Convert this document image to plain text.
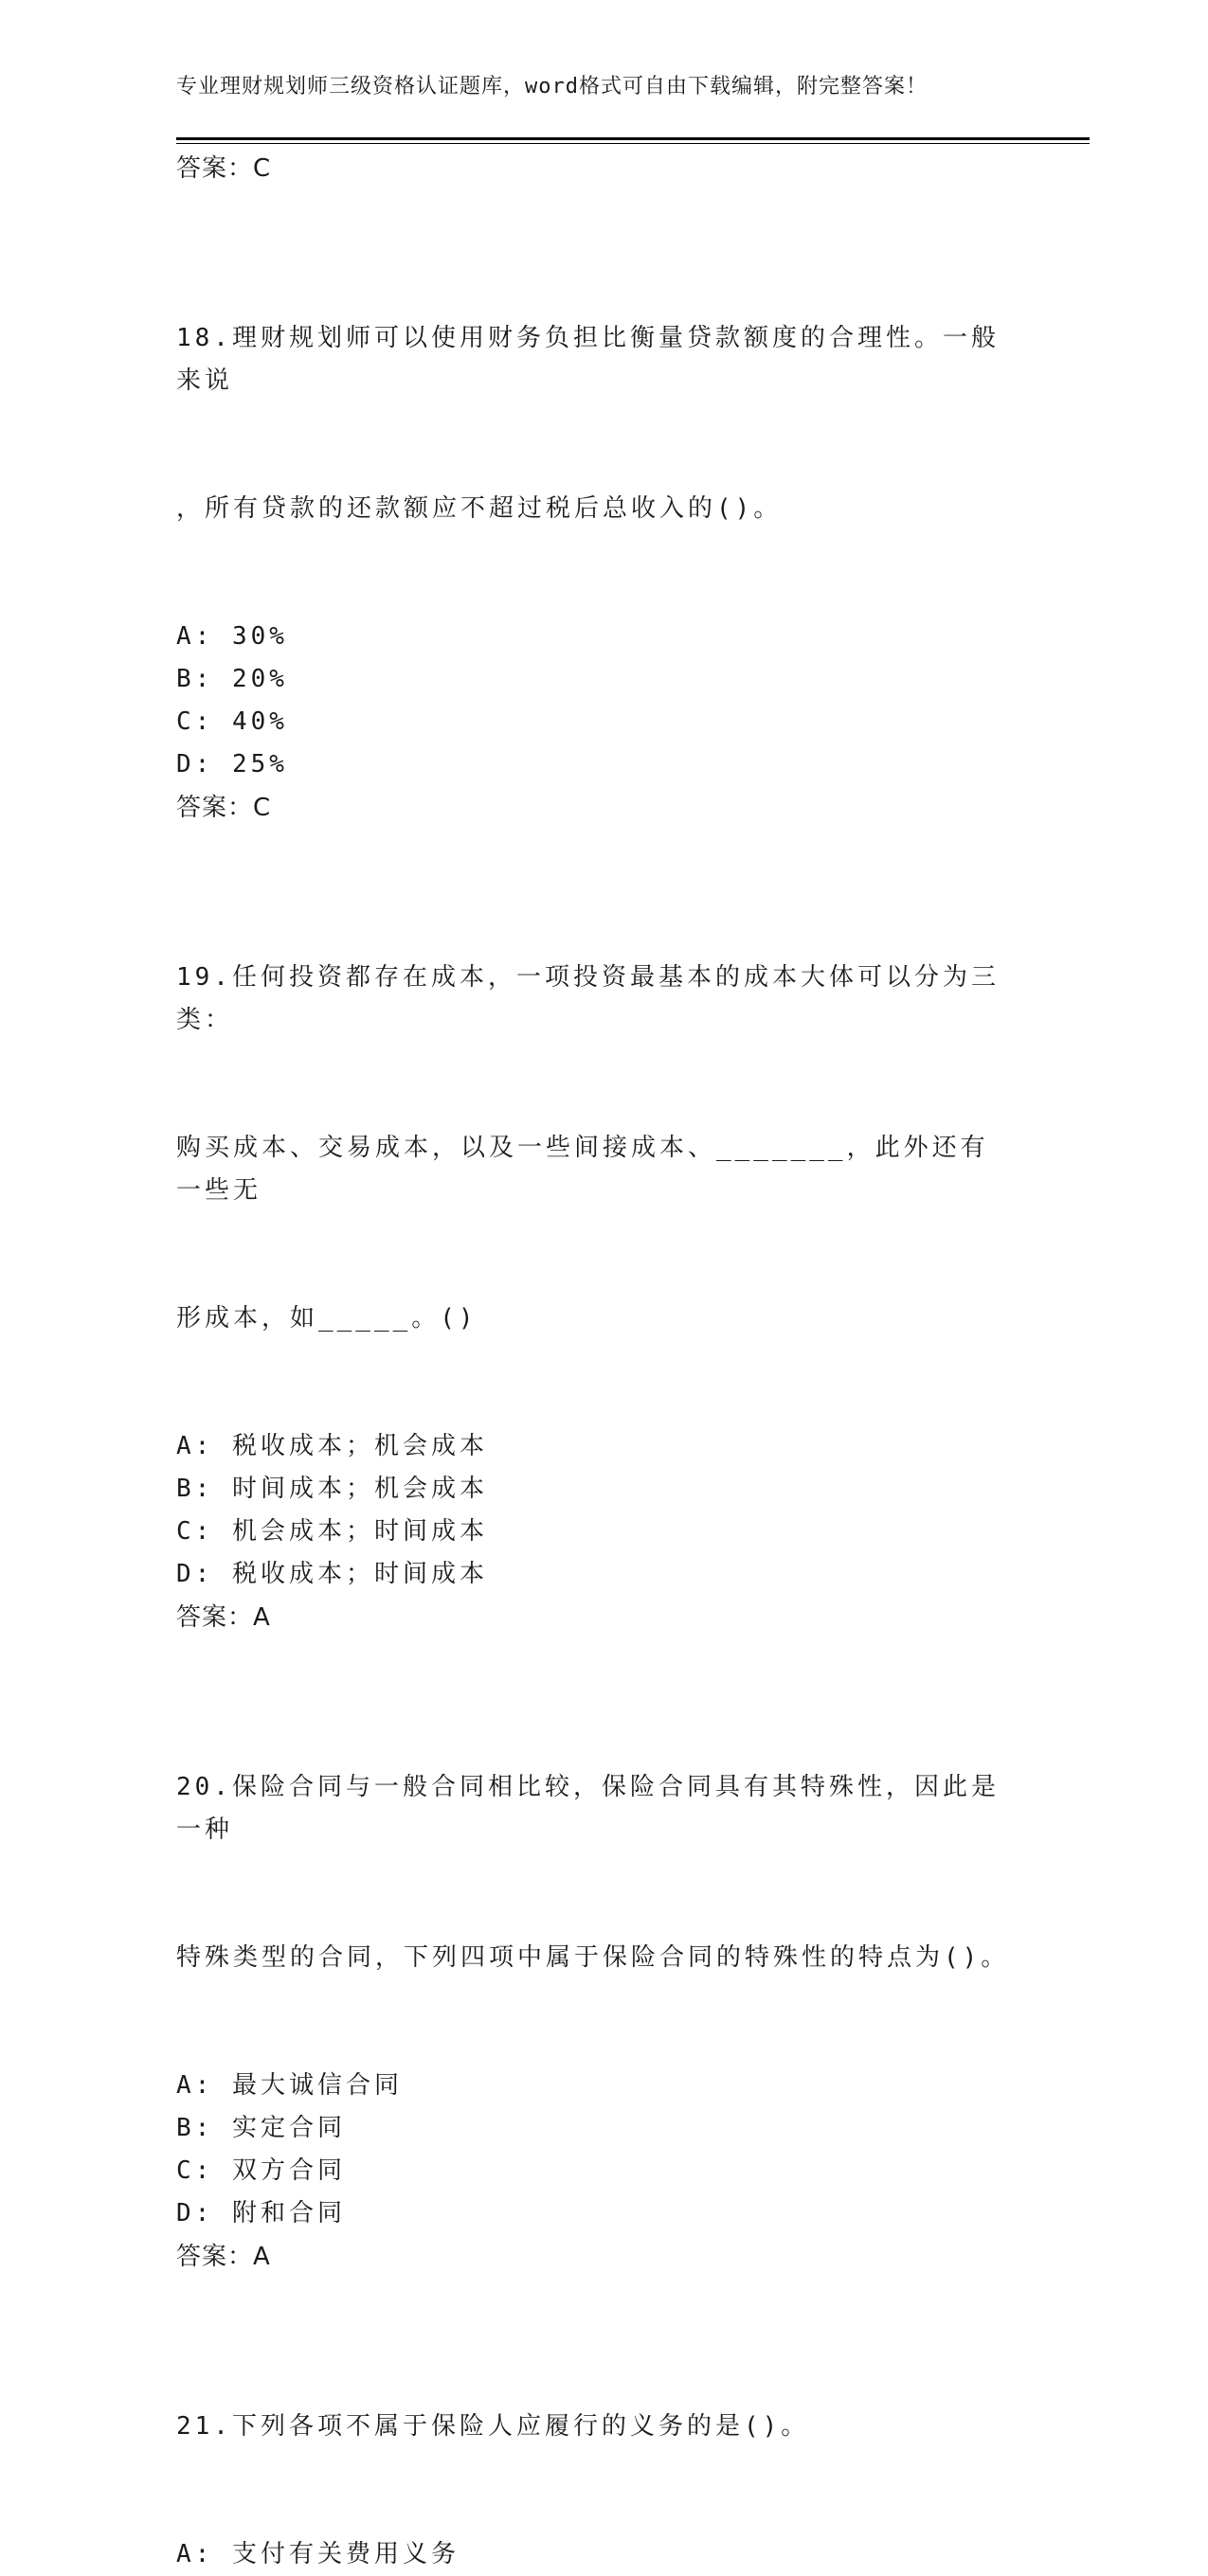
专业理财规划师三级资格认证题库，word格式可自由下载编辑，附完整答案！
答案：C

18.理财规划师可以使用财务负担比衡量贷款额度的合理性。一般来说

，所有贷款的还款额应不超过税后总收入的()。

A: 30%
B: 20%
C: 40%
D: 25%
答案：C

19.任何投资都存在成本，一项投资最基本的成本大体可以分为三类：

购买成本、交易成本，以及一些间接成本、_______，此外还有一些无

形成本，如_____。()

A: 税收成本；机会成本
B: 时间成本；机会成本
C: 机会成本；时间成本
D: 税收成本；时间成本
答案：A

20.保险合同与一般合同相比较，保险合同具有其特殊性，因此是一种

特殊类型的合同，下列四项中属于保险合同的特殊性的特点为()。

A: 最大诚信合同
B: 实定合同
C: 双方合同
D: 附和合同
答案：A

21.下列各项不属于保险人应履行的义务的是()。

A: 支付有关费用义务
